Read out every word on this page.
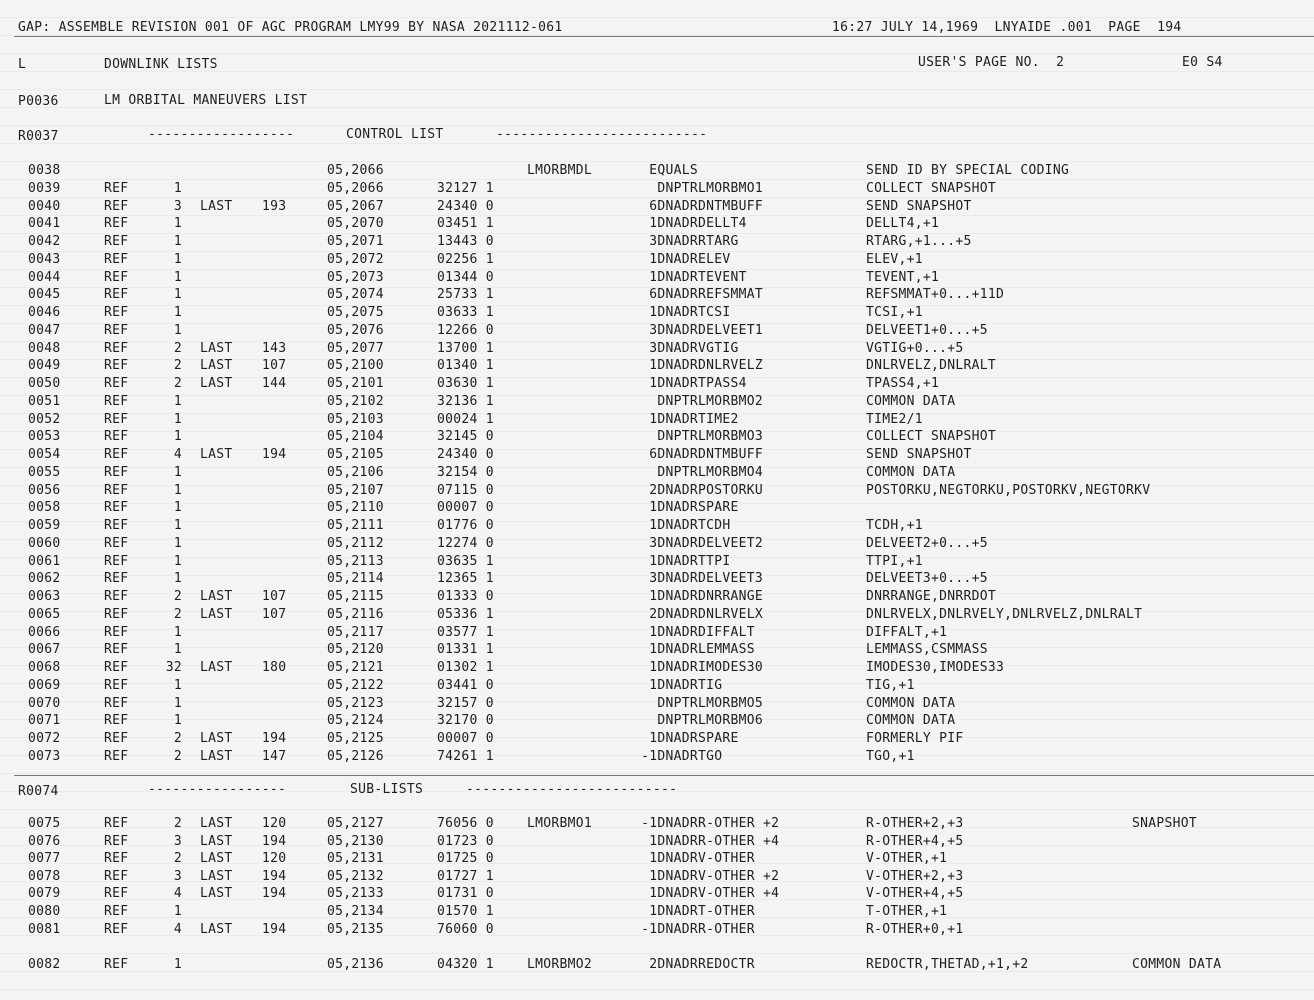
GAP: ASSEMBLE REVISION 001 OF AGC PROGRAM LMY99 BY NASA 2021112-061	16:27 JULY 14,1969  LNYAIDE .001  PAGE  194
L	DOWNLINK LISTS	USER'S PAGE NO.  2	E0 S4
P0036	LM ORBITAL MANEUVERS LIST
R0037	------------------	CONTROL LIST	--------------------------
0038	05,2066	LMORBMDL	EQUALS	SEND ID BY SPECIAL CODING
0039	REF	1	05,2066	32127 1	DNPTR LMORBMO1	COLLECT SNAPSHOT
0040	REF	3 LAST 193	05,2067	24340 0	6DNADR DNTMBUFF	SEND SNAPSHOT
0041	REF	1	05,2070	03451 1	1DNADR DELLT4	DELLT4,+1
0042	REF	1	05,2071	13443 0	3DNADR RTARG	RTARG,+1...+5
0043	REF	1	05,2072	02256 1	1DNADR ELEV	ELEV,+1
0044	REF	1	05,2073	01344 0	1DNADR TEVENT	TEVENT,+1
0045	REF	1	05,2074	25733 1	6DNADR REFSMMAT	REFSMMAT+0...+11D
0046	REF	1	05,2075	03633 1	1DNADR TCSI	TCSI,+1
0047	REF	1	05,2076	12266 0	3DNADR DELVEET1	DELVEET1+0...+5
0048	REF	2 LAST 143	05,2077	13700 1	3DNADR VGTIG	VGTIG+0...+5
0049	REF	2 LAST 107	05,2100	01340 1	1DNADR DNLRVELZ	DNLRVELZ,DNLRALT
0050	REF	2 LAST 144	05,2101	03630 1	1DNADR TPASS4	TPASS4,+1
0051	REF	1	05,2102	32136 1	DNPTR LMORBMO2	COMMON DATA
0052	REF	1	05,2103	00024 1	1DNADR TIME2	TIME2/1
0053	REF	1	05,2104	32145 0	DNPTR LMORBMO3	COLLECT SNAPSHOT
0054	REF	4 LAST 194	05,2105	24340 0	6DNADR DNTMBUFF	SEND SNAPSHOT
0055	REF	1	05,2106	32154 0	DNPTR LMORBMO4	COMMON DATA
0056	REF	1	05,2107	07115 0	2DNADR POSTORKU	POSTORKU,NEGTORKU,POSTORKV,NEGTORKV
0058	REF	1	05,2110	00007 0	1DNADR SPARE
0059	REF	1	05,2111	01776 0	1DNADR TCDH	TCDH,+1
0060	REF	1	05,2112	12274 0	3DNADR DELVEET2	DELVEET2+0...+5
0061	REF	1	05,2113	03635 1	1DNADR TTPI	TTPI,+1
0062	REF	1	05,2114	12365 1	3DNADR DELVEET3	DELVEET3+0...+5
0063	REF	2 LAST 107	05,2115	01333 0	1DNADR DNRRANGE	DNRRANGE,DNRRDOT
0065	REF	2 LAST 107	05,2116	05336 1	2DNADR DNLRVELX	DNLRVELX,DNLRVELY,DNLRVELZ,DNLRALT
0066	REF	1	05,2117	03577 1	1DNADR DIFFALT	DIFFALT,+1
0067	REF	1	05,2120	01331 1	1DNADR LEMMASS	LEMMASS,CSMMASS
0068	REF	32 LAST 180	05,2121	01302 1	1DNADR IMODES30	IMODES30,IMODES33
0069	REF	1	05,2122	03441 0	1DNADR TIG	TIG,+1
0070	REF	1	05,2123	32157 0	DNPTR LMORBMO5	COMMON DATA
0071	REF	1	05,2124	32170 0	DNPTR LMORBMO6	COMMON DATA
0072	REF	2 LAST 194	05,2125	00007 0	1DNADR SPARE	FORMERLY PIF
0073	REF	2 LAST 147	05,2126	74261 1	-1DNADR TGO	TGO,+1
R0074	-----------------	SUB-LISTS	--------------------------
0075	REF	2 LAST 120	05,2127	76056 0	LMORBMO1	-1DNADR R-OTHER +2	R-OTHER+2,+3	SNAPSHOT
0076	REF	3 LAST 194	05,2130	01723 0	1DNADR R-OTHER +4	R-OTHER+4,+5
0077	REF	2 LAST 120	05,2131	01725 0	1DNADR V-OTHER	V-OTHER,+1
0078	REF	3 LAST 194	05,2132	01727 1	1DNADR V-OTHER +2	V-OTHER+2,+3
0079	REF	4 LAST 194	05,2133	01731 0	1DNADR V-OTHER +4	V-OTHER+4,+5
0080	REF	1	05,2134	01570 1	1DNADR T-OTHER	T-OTHER,+1
0081	REF	4 LAST 194	05,2135	76060 0	-1DNADR R-OTHER	R-OTHER+0,+1
0082	REF	1	05,2136	04320 1	LMORBMO2	2DNADR REDOCTR	REDOCTR,THETAD,+1,+2	COMMON DATA
